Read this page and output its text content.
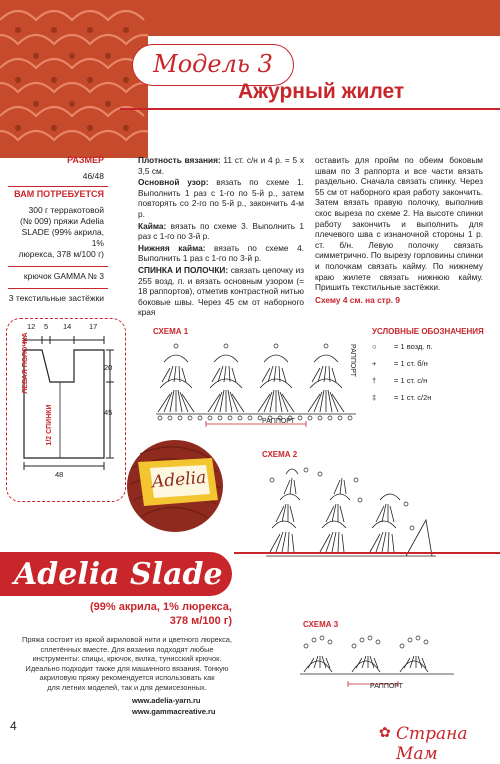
Модель 3
Ажурный жилет
РАЗМЕР
46/48
ВАМ ПОТРЕБУЕТСЯ
300 г терракотовой
(№ 009) пряжи Adelia
SLADE (99% акрила, 1%
люрекса, 378 м/100 г)
крючок GAMMA № 3
3 текстильные застёжки
12 5 14 17
20
45
48
ЛЕВАЯ ПОЛОЧКА
1/2 СПИНКИ

Плотность вязания: 11 ст. с/н и 4 р. = 5 х 3,5 см.

Основной узор: вязать по схеме 1. Выполнить 1 раз с 1-го по 5-й р., затем повторять со 2-го по 5-й р., закончить 4-м р.

Кайма: вязать по схеме 3. Выполнить 1 раз с 1-го по 3-й р.

Нижняя кайма: вязать по схеме 4. Выполнить 1 раз с 1-го по 3-й р.

СПИНКА И ПОЛОЧКИ: связать цепочку из 255 возд. п. и вязать основным узором (= 18 раппортов), отметив контрастной нитью боковые швы. Через 45 см от наборного края

оставить для пройм по обеим боковым швам по 3 раппорта и все части вязать раздельно. Сначала связать спинку. Через 55 см от наборного края работу закончить. Затем вязать правую полочку, выполнив скос выреза по схеме 2. На высоте спинки работу закончить и выполнить для плечевого шва с изнаночной стороны 1 р. ст. б/н. Левую полочку связать симметрично. По вырезу горловины спинки и полочкам связать кайму. По нижнему краю жилете связать нижнюю кайму. Пришить текстильные застёжки.

Схему 4 см. на стр. 9

СХЕМА 1
РАППОРТ
РАППОРТ
УСЛОВНЫЕ ОБОЗНАЧЕНИЯ
○ = 1 возд. п.
+ = 1 ст. б/н
† = 1 ст. с/н
‡ = 1 ст. с/2н
СХЕМА 2
СХЕМА 3
РАППОРТ
Adelia
Adelia Slade
(99% акрила, 1% люрекса,
378 м/100 г)
Пряжа состоит из яркой акриловой нити и цветного люрекса, сплетённых вместе. Для вязания подходят любые
инструменты: спицы, крючок, вилка, тунисский крючок.
Идеально подходит также для машинного вязания. Тонкую акриловую пряжу рекомендуется использовать как
для летних моделей, так и для демисезонных.
www.adelia-yarn.ru
www.gammacreative.ru
4	Страна Мам
✿
